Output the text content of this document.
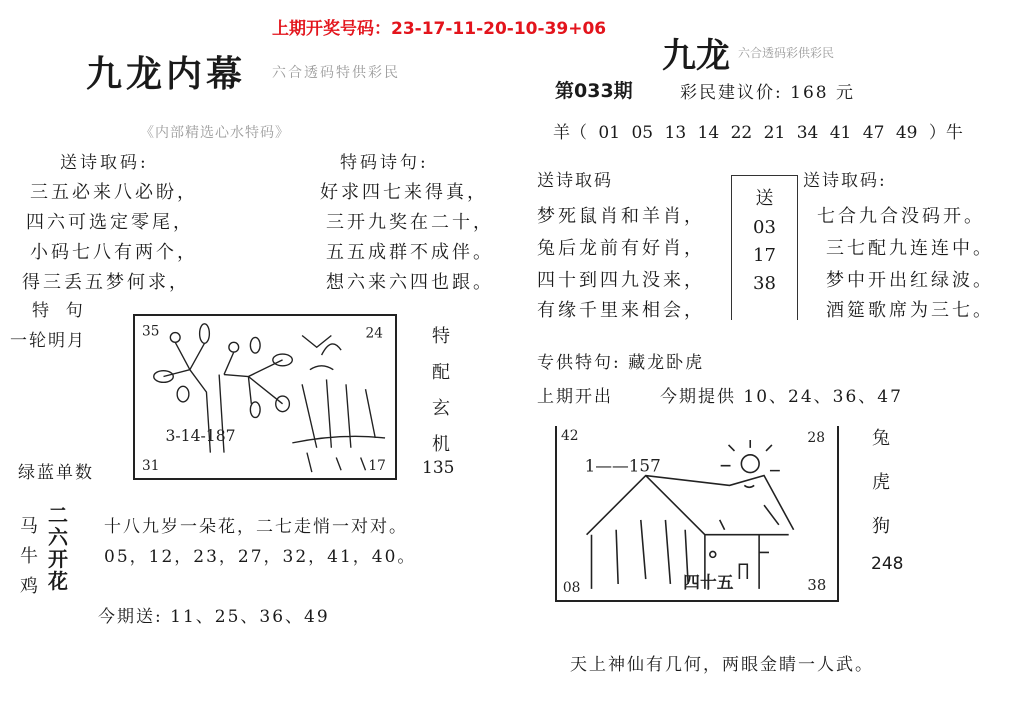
上期开奖号码：23-17-11-20-10-39+06
九龙内幕 六合透码特供彩民
《内部精选心水特码》
送诗取码:
三五必来八必盼，
四六可选定零尾，
小码七八有两个，
得三丢五梦何求，
特码诗句:
好求四七来得真，
三开九奖在二十，
五五成群不成伴。
想六来六四也跟。
特  句
一轮明月	35	24
31	17
3-14-187
特
配
玄
机
绿蓝单数	135
马
牛
鸡
二
六
开
花
十八九岁一朵花，二七走悄一对对。
05，12，23，27，32，41，40。
今期送: 11、25、36、49
九龙 六合透码彩供彩民
第033期	彩民建议价: 168 元
羊（ 01 05 13 14 22 21 34 41 47 49 ）牛
送诗取码
梦死鼠肖和羊肖，
兔后龙前有好肖，
四十到四九没来，
有缘千里来相会，
送
03
17
38
送诗取码:
七合九合没码开。
三七配九连连中。
梦中开出红绿波。
酒筵歌席为三七。
专供特句: 藏龙卧虎
上期开出	今期提供 10、24、36、47
42	28
08	38
1——157
四十五
兔
虎
狗
248
天上神仙有几何，两眼金睛一人武。
